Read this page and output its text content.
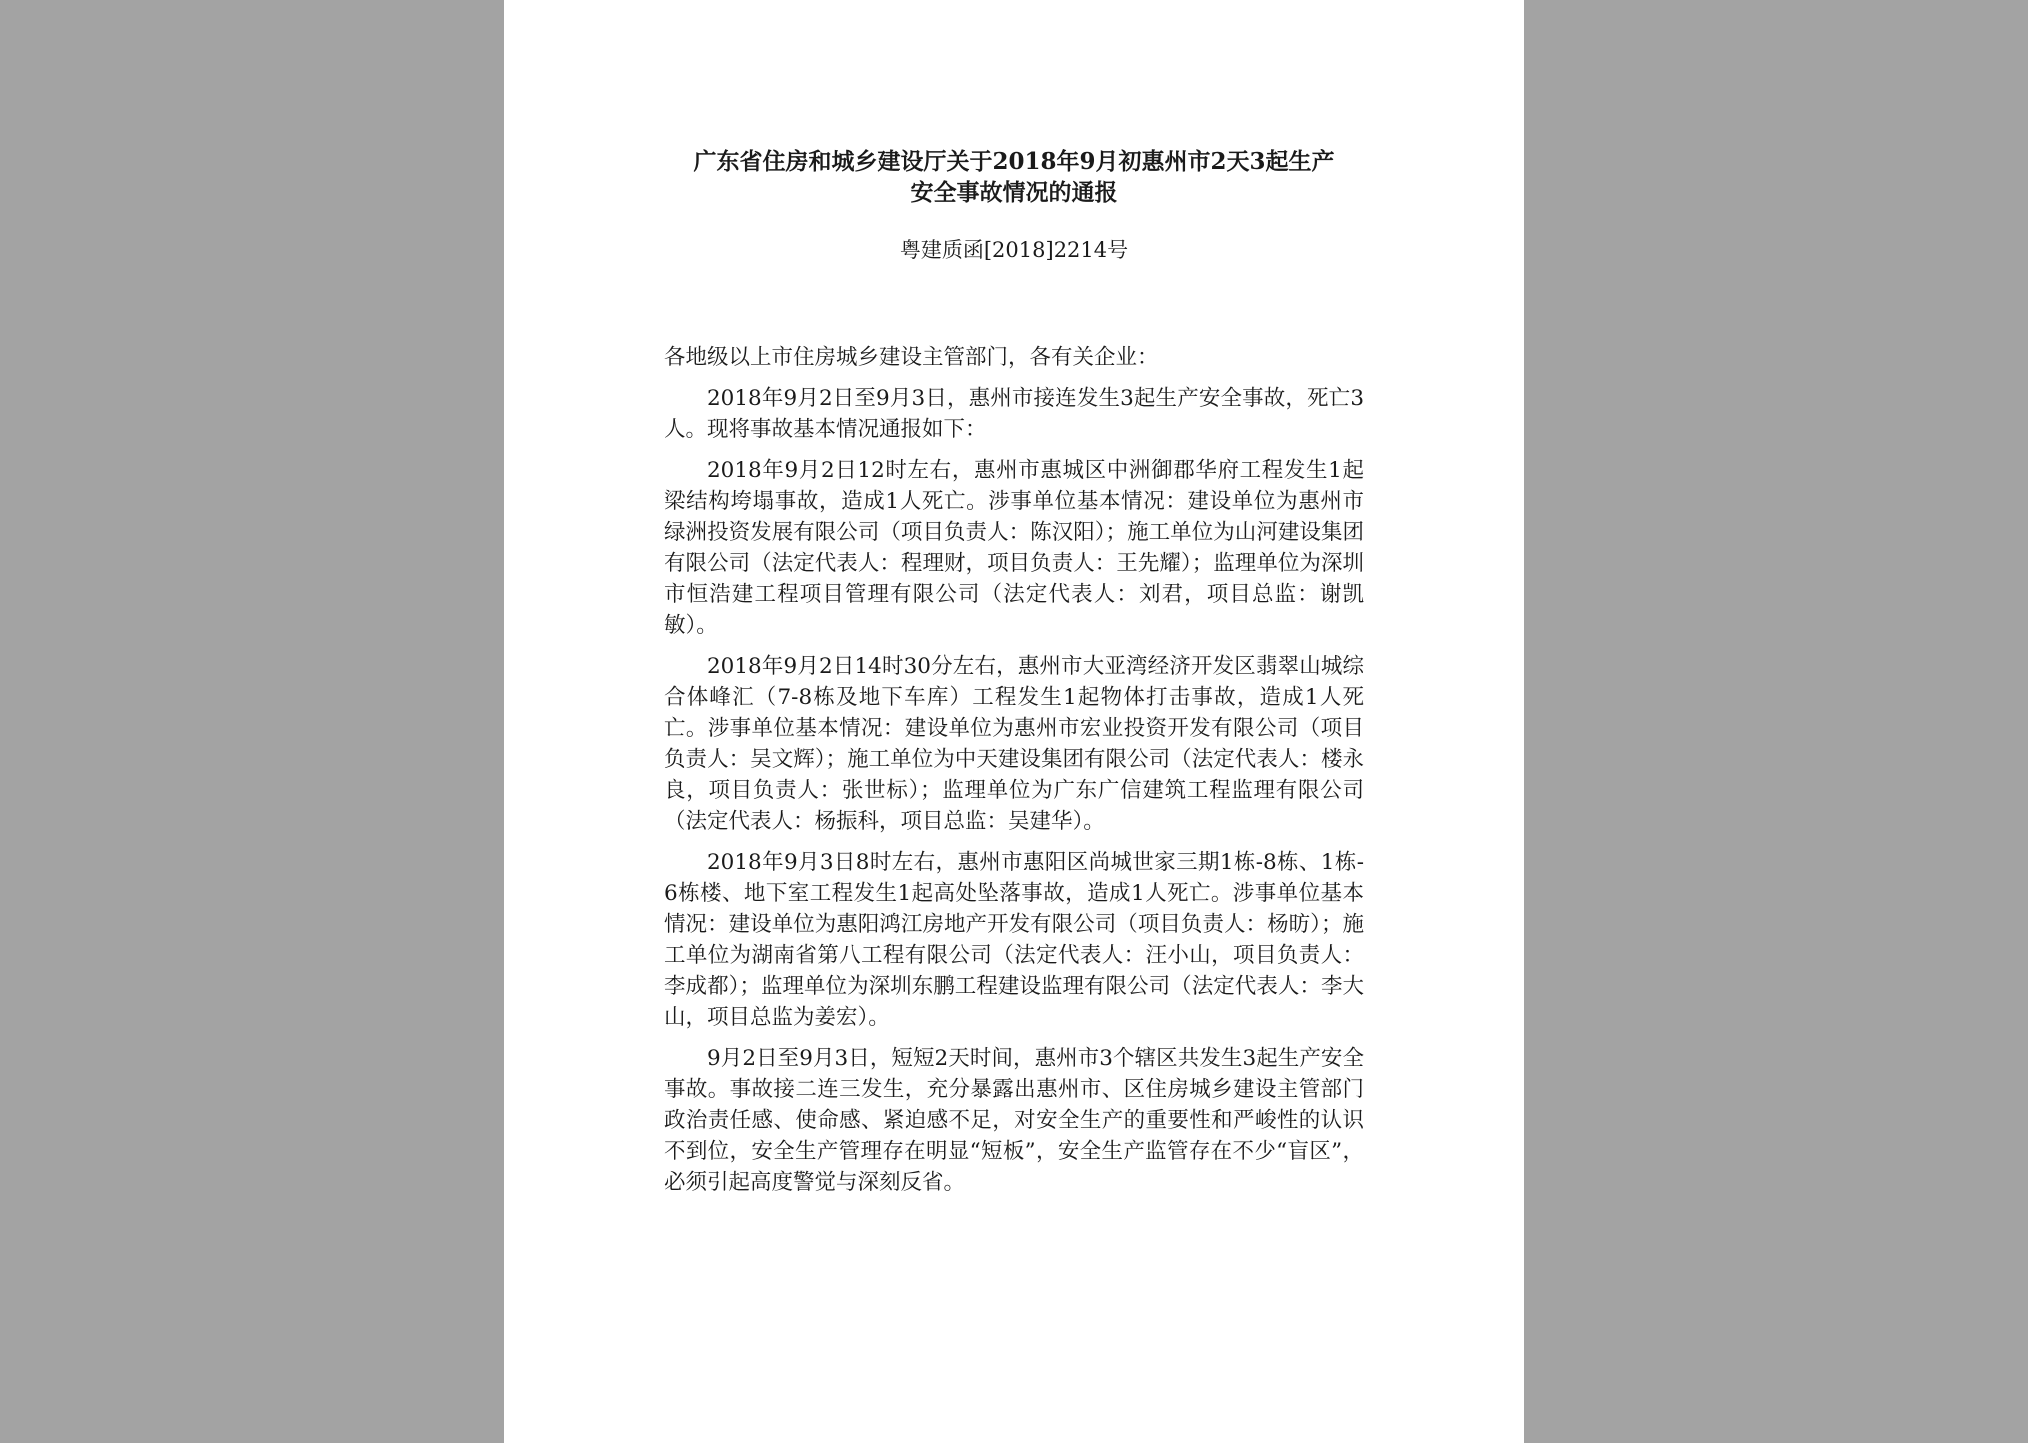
广东省住房和城乡建设厅关于2018年9月初惠州市2天3起生产
安全事故情况的通报
粤建质函[2018]2214号

各地级以上市住房城乡建设主管部门，各有关企业：

2018年9月2日至9月3日，惠州市接连发生3起生产安全事故，死亡3人。现将事故基本情况通报如下：

2018年9月2日12时左右，惠州市惠城区中洲御郡华府工程发生1起梁结构垮塌事故，造成1人死亡。涉事单位基本情况：建设单位为惠州市绿洲投资发展有限公司（项目负责人：陈汉阳）；施工单位为山河建设集团有限公司（法定代表人：程理财，项目负责人：王先耀）；监理单位为深圳市恒浩建工程项目管理有限公司（法定代表人：刘君，项目总监：谢凯敏）。

2018年9月2日14时30分左右，惠州市大亚湾经济开发区翡翠山城综合体峰汇（7-8栋及地下车库）工程发生1起物体打击事故，造成1人死亡。涉事单位基本情况：建设单位为惠州市宏业投资开发有限公司（项目负责人：吴文辉）；施工单位为中天建设集团有限公司（法定代表人：楼永良，项目负责人：张世标）；监理单位为广东广信建筑工程监理有限公司（法定代表人：杨振科，项目总监：吴建华）。

2018年9月3日8时左右，惠州市惠阳区尚城世家三期1栋-8栋、1栋-6栋楼、地下室工程发生1起高处坠落事故，造成1人死亡。涉事单位基本情况：建设单位为惠阳鸿江房地产开发有限公司（项目负责人：杨昉）；施工单位为湖南省第八工程有限公司（法定代表人：汪小山，项目负责人：李成都）；监理单位为深圳东鹏工程建设监理有限公司（法定代表人：李大山，项目总监为姜宏）。

9月2日至9月3日，短短2天时间，惠州市3个辖区共发生3起生产安全事故。事故接二连三发生，充分暴露出惠州市、区住房城乡建设主管部门政治责任感、使命感、紧迫感不足，对安全生产的重要性和严峻性的认识不到位，安全生产管理存在明显“短板”，安全生产监管存在不少“盲区”，必须引起高度警觉与深刻反省。
